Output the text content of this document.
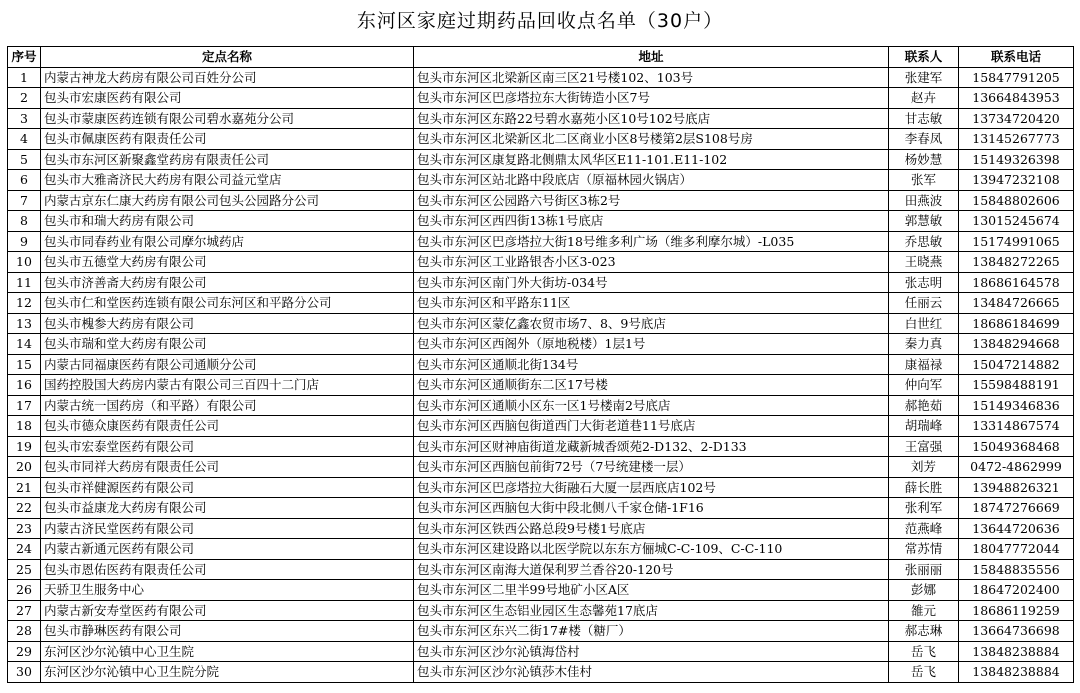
东河区家庭过期药品回收点名单（30户）
序号	定点名称	地址	联系人	联系电话
1	内蒙古神龙大药房有限公司百姓分公司	包头市东河区北梁新区南三区21号楼102、103号	张建军	15847791205
2	包头市宏康医药有限公司	包头市东河区巴彦塔拉东大街铸造小区7号	赵卉	13664843953
3	包头市蒙康医药连锁有限公司碧水嘉苑分公司	包头市东河区东路22号碧水嘉苑小区10号102号底店	甘志敏	13734720420
4	包头市佩康医药有限责任公司	包头市东河区北梁新区北二区商业小区8号楼第2层S108号房	李春凤	13145267773
5	包头市东河区新聚鑫堂药房有限责任公司	包头市东河区康复路北侧鼎太风华区E11-101.E11-102	杨妙慧	15149326398
6	包头市大雅斋济民大药房有限公司益元堂店	包头市东河区站北路中段底店（原福林园火锅店）	张军	13947232108
7	内蒙古京东仁康大药房有限公司包头公园路分公司	包头市东河区公园路六号街区3栋2号	田燕波	15848802606
8	包头市和瑞大药房有限公司	包头市东河区西四街13栋1号底店	郭慧敏	13015245674
9	包头市同春药业有限公司摩尔城药店	包头市东河区巴彦塔拉大街18号维多利广场（维多利摩尔城）-L035	乔思敏	15174991065
10	包头市五德堂大药房有限公司	包头市东河区工业路银杏小区3-023	王晓燕	13848272265
11	包头市济善斋大药房有限公司	包头市东河区南门外大街坊-034号	张志明	18686164578
12	包头市仁和堂医药连锁有限公司东河区和平路分公司	包头市东河区和平路东11区	任丽云	13484726665
13	包头市槐参大药房有限公司	包头市东河区蒙亿鑫农贸市场7、8、9号底店	白世红	18686184699
14	包头市瑞和堂大药房有限公司	包头市东河区西阁外（原地税楼）1层1号	秦力真	13848294668
15	内蒙古同福康医药有限公司通顺分公司	包头市东河区通顺北街134号	康福禄	15047214882
16	国药控股国大药房内蒙古有限公司三百四十二门店	包头市东河区通顺街东二区17号楼	仲向军	15598488191
17	内蒙古统一国药房（和平路）有限公司	包头市东河区通顺小区东一区1号楼南2号底店	郝艳茹	15149346836
18	包头市德众康医药有限责任公司	包头市东河区西脑包街道西门大街老道巷11号底店	胡瑞峰	13314867574
19	包头市宏泰堂医药有限公司	包头市东河区财神庙街道龙藏新城香颂苑2-D132、2-D133	王富强	15049368468
20	包头市同祥大药房有限责任公司	包头市东河区西脑包前街72号（7号统建楼一层）	刘芳	0472-4862999
21	包头市祥健源医药有限公司	包头市东河区巴彦塔拉大街融石大厦一层西底店102号	薛长胜	13948826321
22	包头市益康龙大药房有限公司	包头市东河区西脑包大街中段北侧八千家仓储-1F16	张利军	18747276669
23	内蒙古济民堂医药有限公司	包头市东河区铁西公路总段9号楼1号底店	范燕峰	13644720636
24	内蒙古新通元医药有限公司	包头市东河区建设路以北医学院以东东方俪城C-C-109、C-C-110	常苏情	18047772044
25	包头市恩佑医药有限责任公司	包头市东河区南海大道保利罗兰香谷20-120号	张丽丽	15848835556
26	天骄卫生服务中心	包头市东河区二里半99号地矿小区A区	彭娜	18647202400
27	内蒙古新安寿堂医药有限公司	包头市东河区生态铝业园区生态馨苑17底店	雒元	18686119259
28	包头市静琳医药有限公司	包头市东河区东兴二街17#楼（糖厂）	郝志琳	13664736698
29	东河区沙尔沁镇中心卫生院	包头市东河区沙尔沁镇海岱村	岳飞	13848238884
30	东河区沙尔沁镇中心卫生院分院	包头市东河区沙尔沁镇莎木佳村	岳飞	13848238884
